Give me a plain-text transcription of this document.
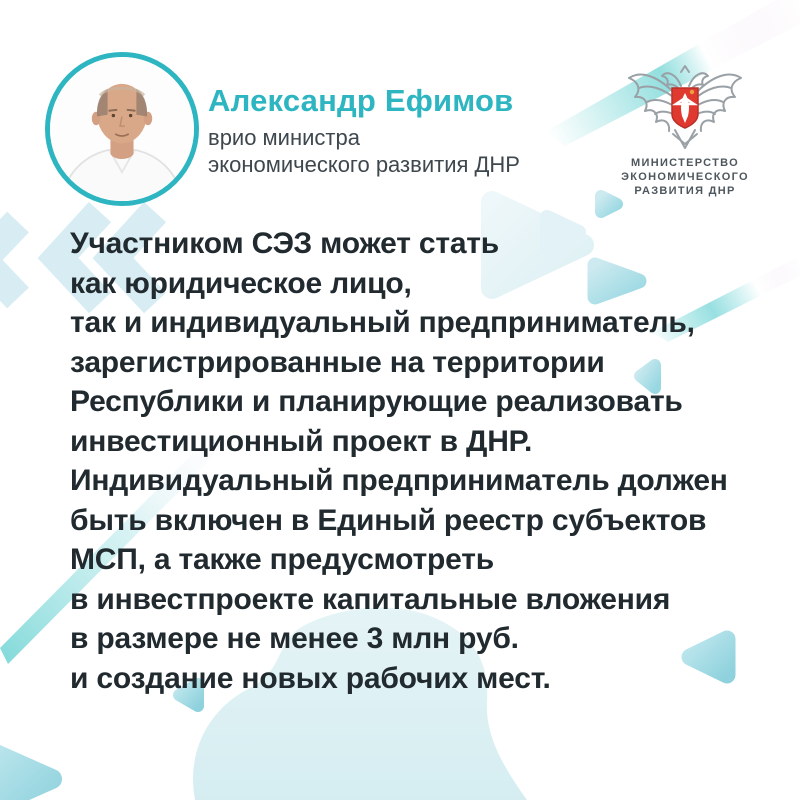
Александр Ефимов
врио министра
экономического развития ДНР	МИНИСТЕРСТВО
ЭКОНОМИЧЕСКОГО
РАЗВИТИЯ ДНР
Участником СЭЗ может стать
как юридическое лицо,
так и индивидуальный предприниматель,
зарегистрированные на территории
Республики и планирующие реализовать
инвестиционный проект в ДНР.
Индивидуальный предприниматель должен
быть включен в Единый реестр субъектов
МСП, а также предусмотреть
в инвестпроекте капитальные вложения
в размере не менее 3 млн руб.
и создание новых рабочих мест.
